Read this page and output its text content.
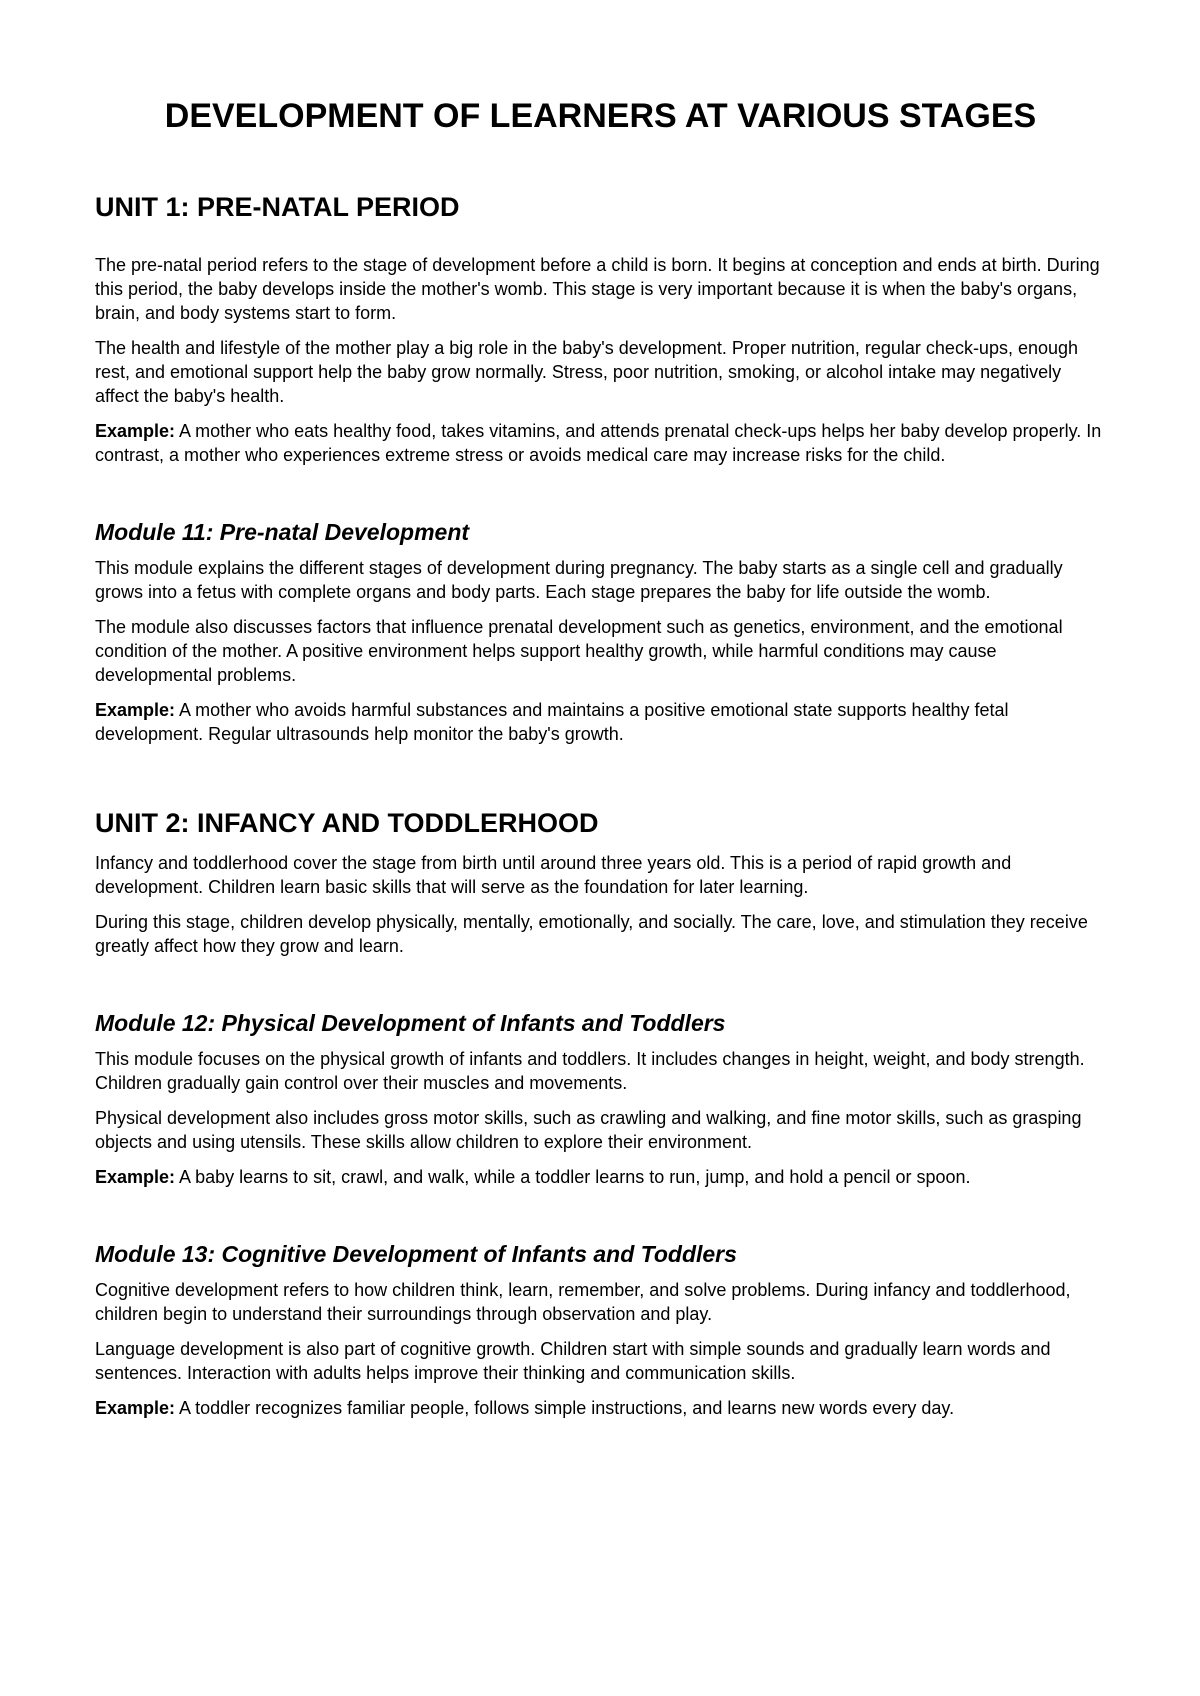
DEVELOPMENT OF LEARNERS AT VARIOUS STAGES
UNIT 1: PRE-NATAL PERIOD

The pre-natal period refers to the stage of development before a child is born. It begins at conception and ends at birth. During this period, the baby develops inside the mother's womb. This stage is very important because it is when the baby's organs, brain, and body systems start to form.

The health and lifestyle of the mother play a big role in the baby's development. Proper nutrition, regular check-ups, enough rest, and emotional support help the baby grow normally. Stress, poor nutrition, smoking, or alcohol intake may negatively affect the baby's health.

Example: A mother who eats healthy food, takes vitamins, and attends prenatal check-ups helps her baby develop properly. In contrast, a mother who experiences extreme stress or avoids medical care may increase risks for the child.

Module 11: Pre-natal Development

This module explains the different stages of development during pregnancy. The baby starts as a single cell and gradually grows into a fetus with complete organs and body parts. Each stage prepares the baby for life outside the womb.

The module also discusses factors that influence prenatal development such as genetics, environment, and the emotional condition of the mother. A positive environment helps support healthy growth, while harmful conditions may cause developmental problems.

Example: A mother who avoids harmful substances and maintains a positive emotional state supports healthy fetal development. Regular ultrasounds help monitor the baby's growth.

UNIT 2: INFANCY AND TODDLERHOOD

Infancy and toddlerhood cover the stage from birth until around three years old. This is a period of rapid growth and development. Children learn basic skills that will serve as the foundation for later learning.

During this stage, children develop physically, mentally, emotionally, and socially. The care, love, and stimulation they receive greatly affect how they grow and learn.

Module 12: Physical Development of Infants and Toddlers

This module focuses on the physical growth of infants and toddlers. It includes changes in height, weight, and body strength. Children gradually gain control over their muscles and movements.

Physical development also includes gross motor skills, such as crawling and walking, and fine motor skills, such as grasping objects and using utensils. These skills allow children to explore their environment.

Example: A baby learns to sit, crawl, and walk, while a toddler learns to run, jump, and hold a pencil or spoon.

Module 13: Cognitive Development of Infants and Toddlers

Cognitive development refers to how children think, learn, remember, and solve problems. During infancy and toddlerhood, children begin to understand their surroundings through observation and play.

Language development is also part of cognitive growth. Children start with simple sounds and gradually learn words and sentences. Interaction with adults helps improve their thinking and communication skills.

Example: A toddler recognizes familiar people, follows simple instructions, and learns new words every day.
